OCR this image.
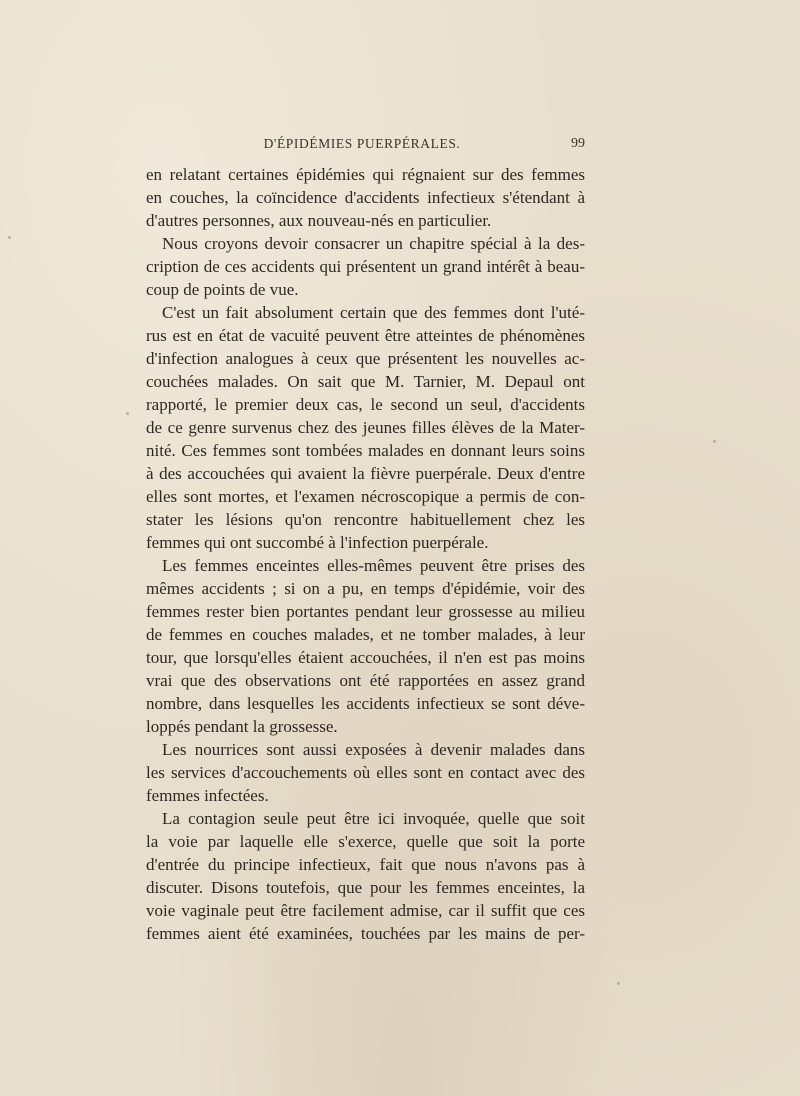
D'ÉPIDÉMIES PUERPÉRALES.	99
en relatant certaines épidémies qui régnaient sur des femmes
en couches, la coïncidence d'accidents infectieux s'étendant à
d'autres personnes, aux nouveau-nés en particulier.
Nous croyons devoir consacrer un chapitre spécial à la des-
cription de ces accidents qui présentent un grand intérêt à beau-
coup de points de vue.
C'est un fait absolument certain que des femmes dont l'uté-
rus est en état de vacuité peuvent être atteintes de phénomènes
d'infection analogues à ceux que présentent les nouvelles ac-
couchées malades. On sait que M. Tarnier, M. Depaul ont
rapporté, le premier deux cas, le second un seul, d'accidents
de ce genre survenus chez des jeunes filles élèves de la Mater-
nité. Ces femmes sont tombées malades en donnant leurs soins
à des accouchées qui avaient la fièvre puerpérale. Deux d'entre
elles sont mortes, et l'examen nécroscopique a permis de con-
stater les lésions qu'on rencontre habituellement chez les
femmes qui ont succombé à l'infection puerpérale.
Les femmes enceintes elles-mêmes peuvent être prises des
mêmes accidents ; si on a pu, en temps d'épidémie, voir des
femmes rester bien portantes pendant leur grossesse au milieu
de femmes en couches malades, et ne tomber malades, à leur
tour, que lorsqu'elles étaient accouchées, il n'en est pas moins
vrai que des observations ont été rapportées en assez grand
nombre, dans lesquelles les accidents infectieux se sont déve-
loppés pendant la grossesse.
Les nourrices sont aussi exposées à devenir malades dans
les services d'accouchements où elles sont en contact avec des
femmes infectées.
La contagion seule peut être ici invoquée, quelle que soit
la voie par laquelle elle s'exerce, quelle que soit la porte
d'entrée du principe infectieux, fait que nous n'avons pas à
discuter. Disons toutefois, que pour les femmes enceintes, la
voie vaginale peut être facilement admise, car il suffit que ces
femmes aient été examinées, touchées par les mains de per-
